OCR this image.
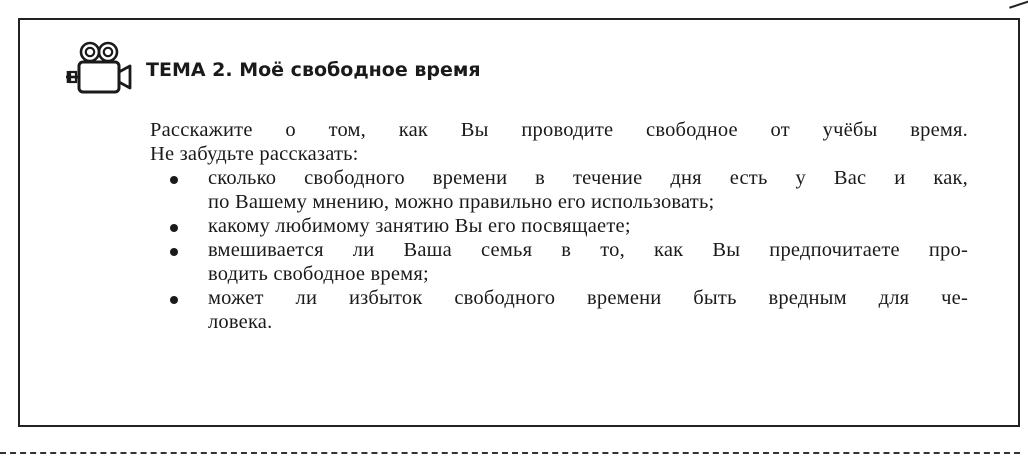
ТЕМА 2. Моё свободное время

Расскажите о том, как Вы проводите свободное от учёбы время.

Не забудьте рассказать:

сколько свободного времени в течение дня есть у Вас и как,
по Вашему мнению, можно правильно его использовать;
какому любимому занятию Вы его посвящаете;
вмешивается ли Ваша семья в то, как Вы предпочитаете про-
водить свободное время;
может ли избыток свободного времени быть вредным для че-
ловека.
